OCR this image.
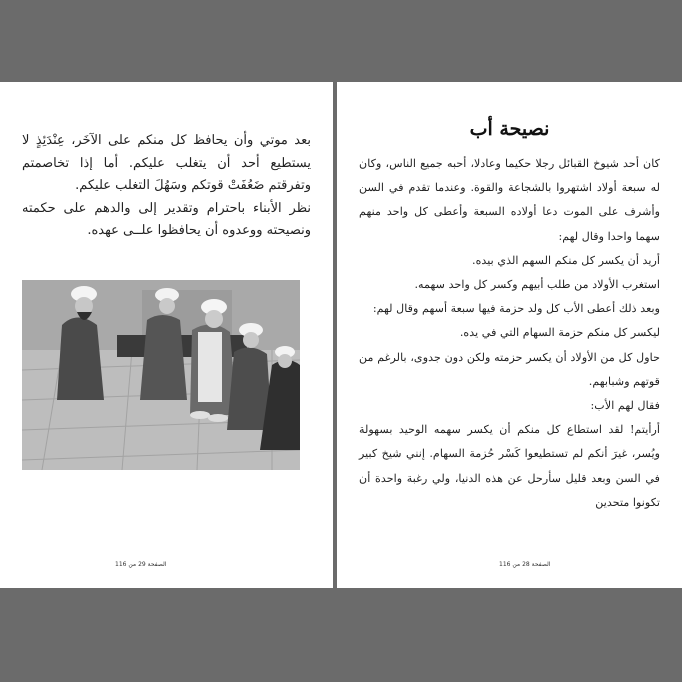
بعد موتي وأن يحافظ كل منكم على الآخَر، عِنْدَئِذٍ لا يستطيع أحد أن يتغلب عليكم. أما إذا تخاصمتم وتفرقتم ضَعُفَتْ قوتكم وسَهُلَ التغلب عليكم.

نظر الأبناء باحترام وتقدير إلى والدهم على حكمته ونصيحته ووعدوه أن يحافظوا علــى عهده.

الصفحة 29 من 116
نصيحة أب

كان أحد شيوخ القبائل رجلا حكيما وعادلا، أحبه جميع الناس، وكان له سبعة أولاد اشتهروا بالشجاعة والقوة. وعندما تقدم في السن وأشرف على الموت دعا أولاده السبعة وأعطى كل واحد منهم سهما واحدا وقال لهم:

أريد أن يكسر كل منكم السهم الذي بيده.

استغرب الأولاد من طلب أبيهم وكسر كل واحد سهمه.

وبعد ذلك أعطى الأب كل ولد حزمة فيها سبعة أسهم وقال لهم:

ليكسر كل منكم حزمة السهام التي في يده.

حاول كل من الأولاد أن يكسر حزمته ولكن دون جدوى، بالرغم من قوتهم وشبابهم.

فقال لهم الأب:

أرأيتم! لقد استطاع كل منكم أن يكسر سهمه الوحيد بسهولة ويُسر، غيرَ أنكم لم تستطيعوا كَسْر حُزمة السهام. إنني شيخ كبير في السن وبعد قليل سأرحل عن هذه الدنيا، ولي رغبة واحدة أن تكونوا متحدين

الصفحة 28 من 116
